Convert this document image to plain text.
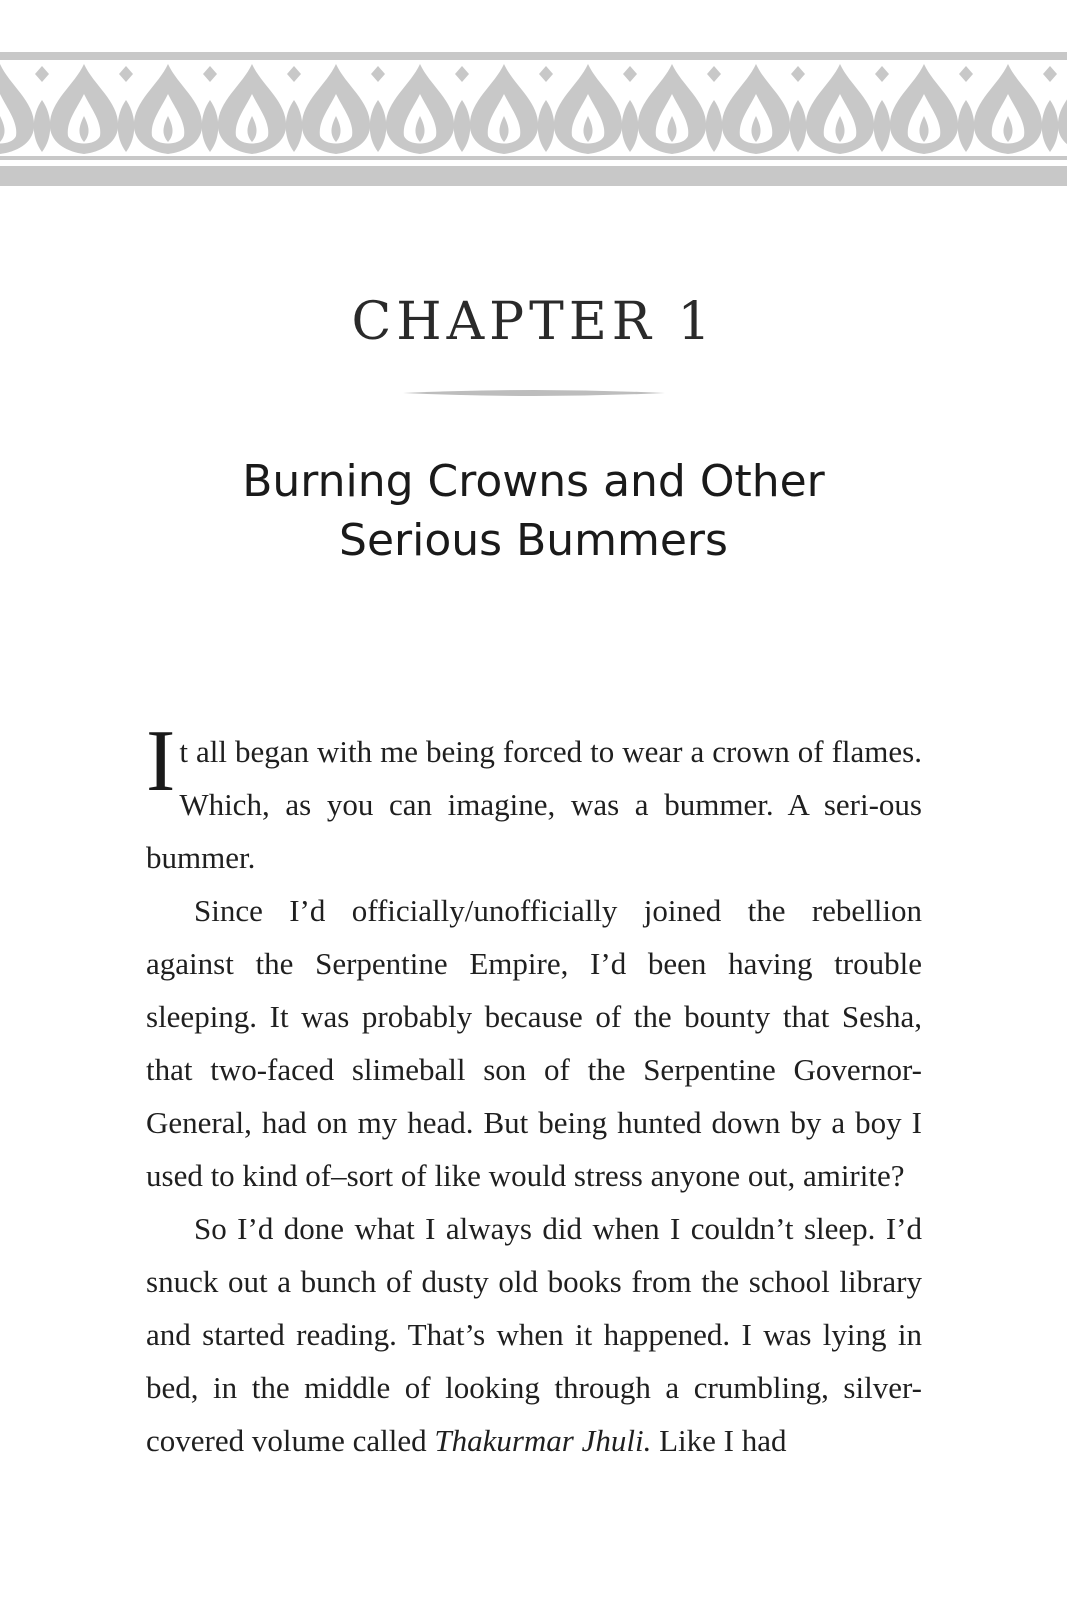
CHAPTER 1
Burning Crowns and Other
Serious Bummers

It all began with me being forced to wear a crown of flames. Which, as you can imagine, was a bummer. A seri-ous bummer.

Since I’d officially/unofficially joined the rebellion against the Serpentine Empire, I’d been having trouble sleeping. It was probably because of the bounty that Sesha, that two-faced slimeball son of the Serpentine Governor-General, had on my head. But being hunted down by a boy I used to kind of–sort of like would stress anyone out, amirite?

So I’d done what I always did when I couldn’t sleep. I’d snuck out a bunch of dusty old books from the school library and started reading. That’s when it happened. I was lying in bed, in the middle of looking through a crumbling, silver-covered volume called Thakurmar Jhuli. Like I had
